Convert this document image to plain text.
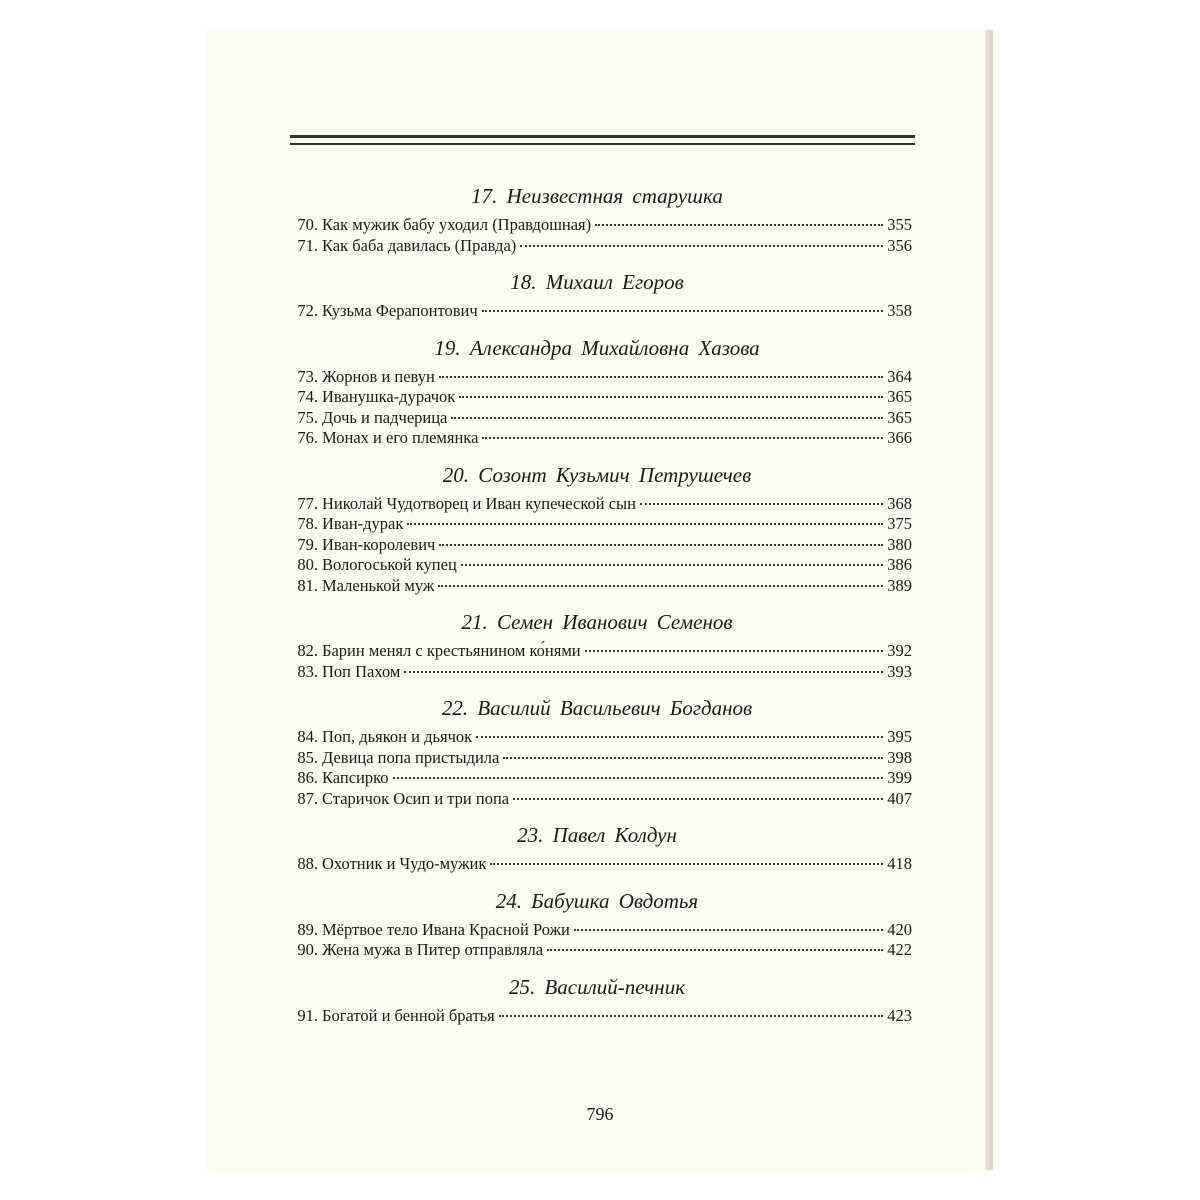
17. Неизвестная старушка
70. Как мужик бабу уходил (Правдошная)	355
71. Как баба давилась (Правда)	356
18. Михаил Егоров
72. Кузьма Ферапонтович	358
19. Александра Михайловна Хазова
73. Жорнов и певун	364
74. Иванушка-дурачок	365
75. Дочь и падчерица	365
76. Монах и его племянка	366
20. Созонт Кузьмич Петрушечев
77. Николай Чудотворец и Иван купеческой сын	368
78. Иван-дурак	375
79. Иван-королевич	380
80. Вологоськой купец	386
81. Маленькой муж	389
21. Семен Иванович Семенов
82. Барин менял с крестьянином ко́нями	392
83. Поп Пахом	393
22. Василий Васильевич Богданов
84. Поп, дьякон и дьячок	395
85. Девица попа пристыдила	398
86. Капсирко	399
87. Старичок Осип и три попа	407
23. Павел Колдун
88. Охотник и Чудо-мужик	418
24. Бабушка Овдотья
89. Мёртвое тело Ивана Красной Рожи	420
90. Жена мужа в Питер отправляла	422
25. Василий-печник
91. Богатой и бенной братья	423
796
